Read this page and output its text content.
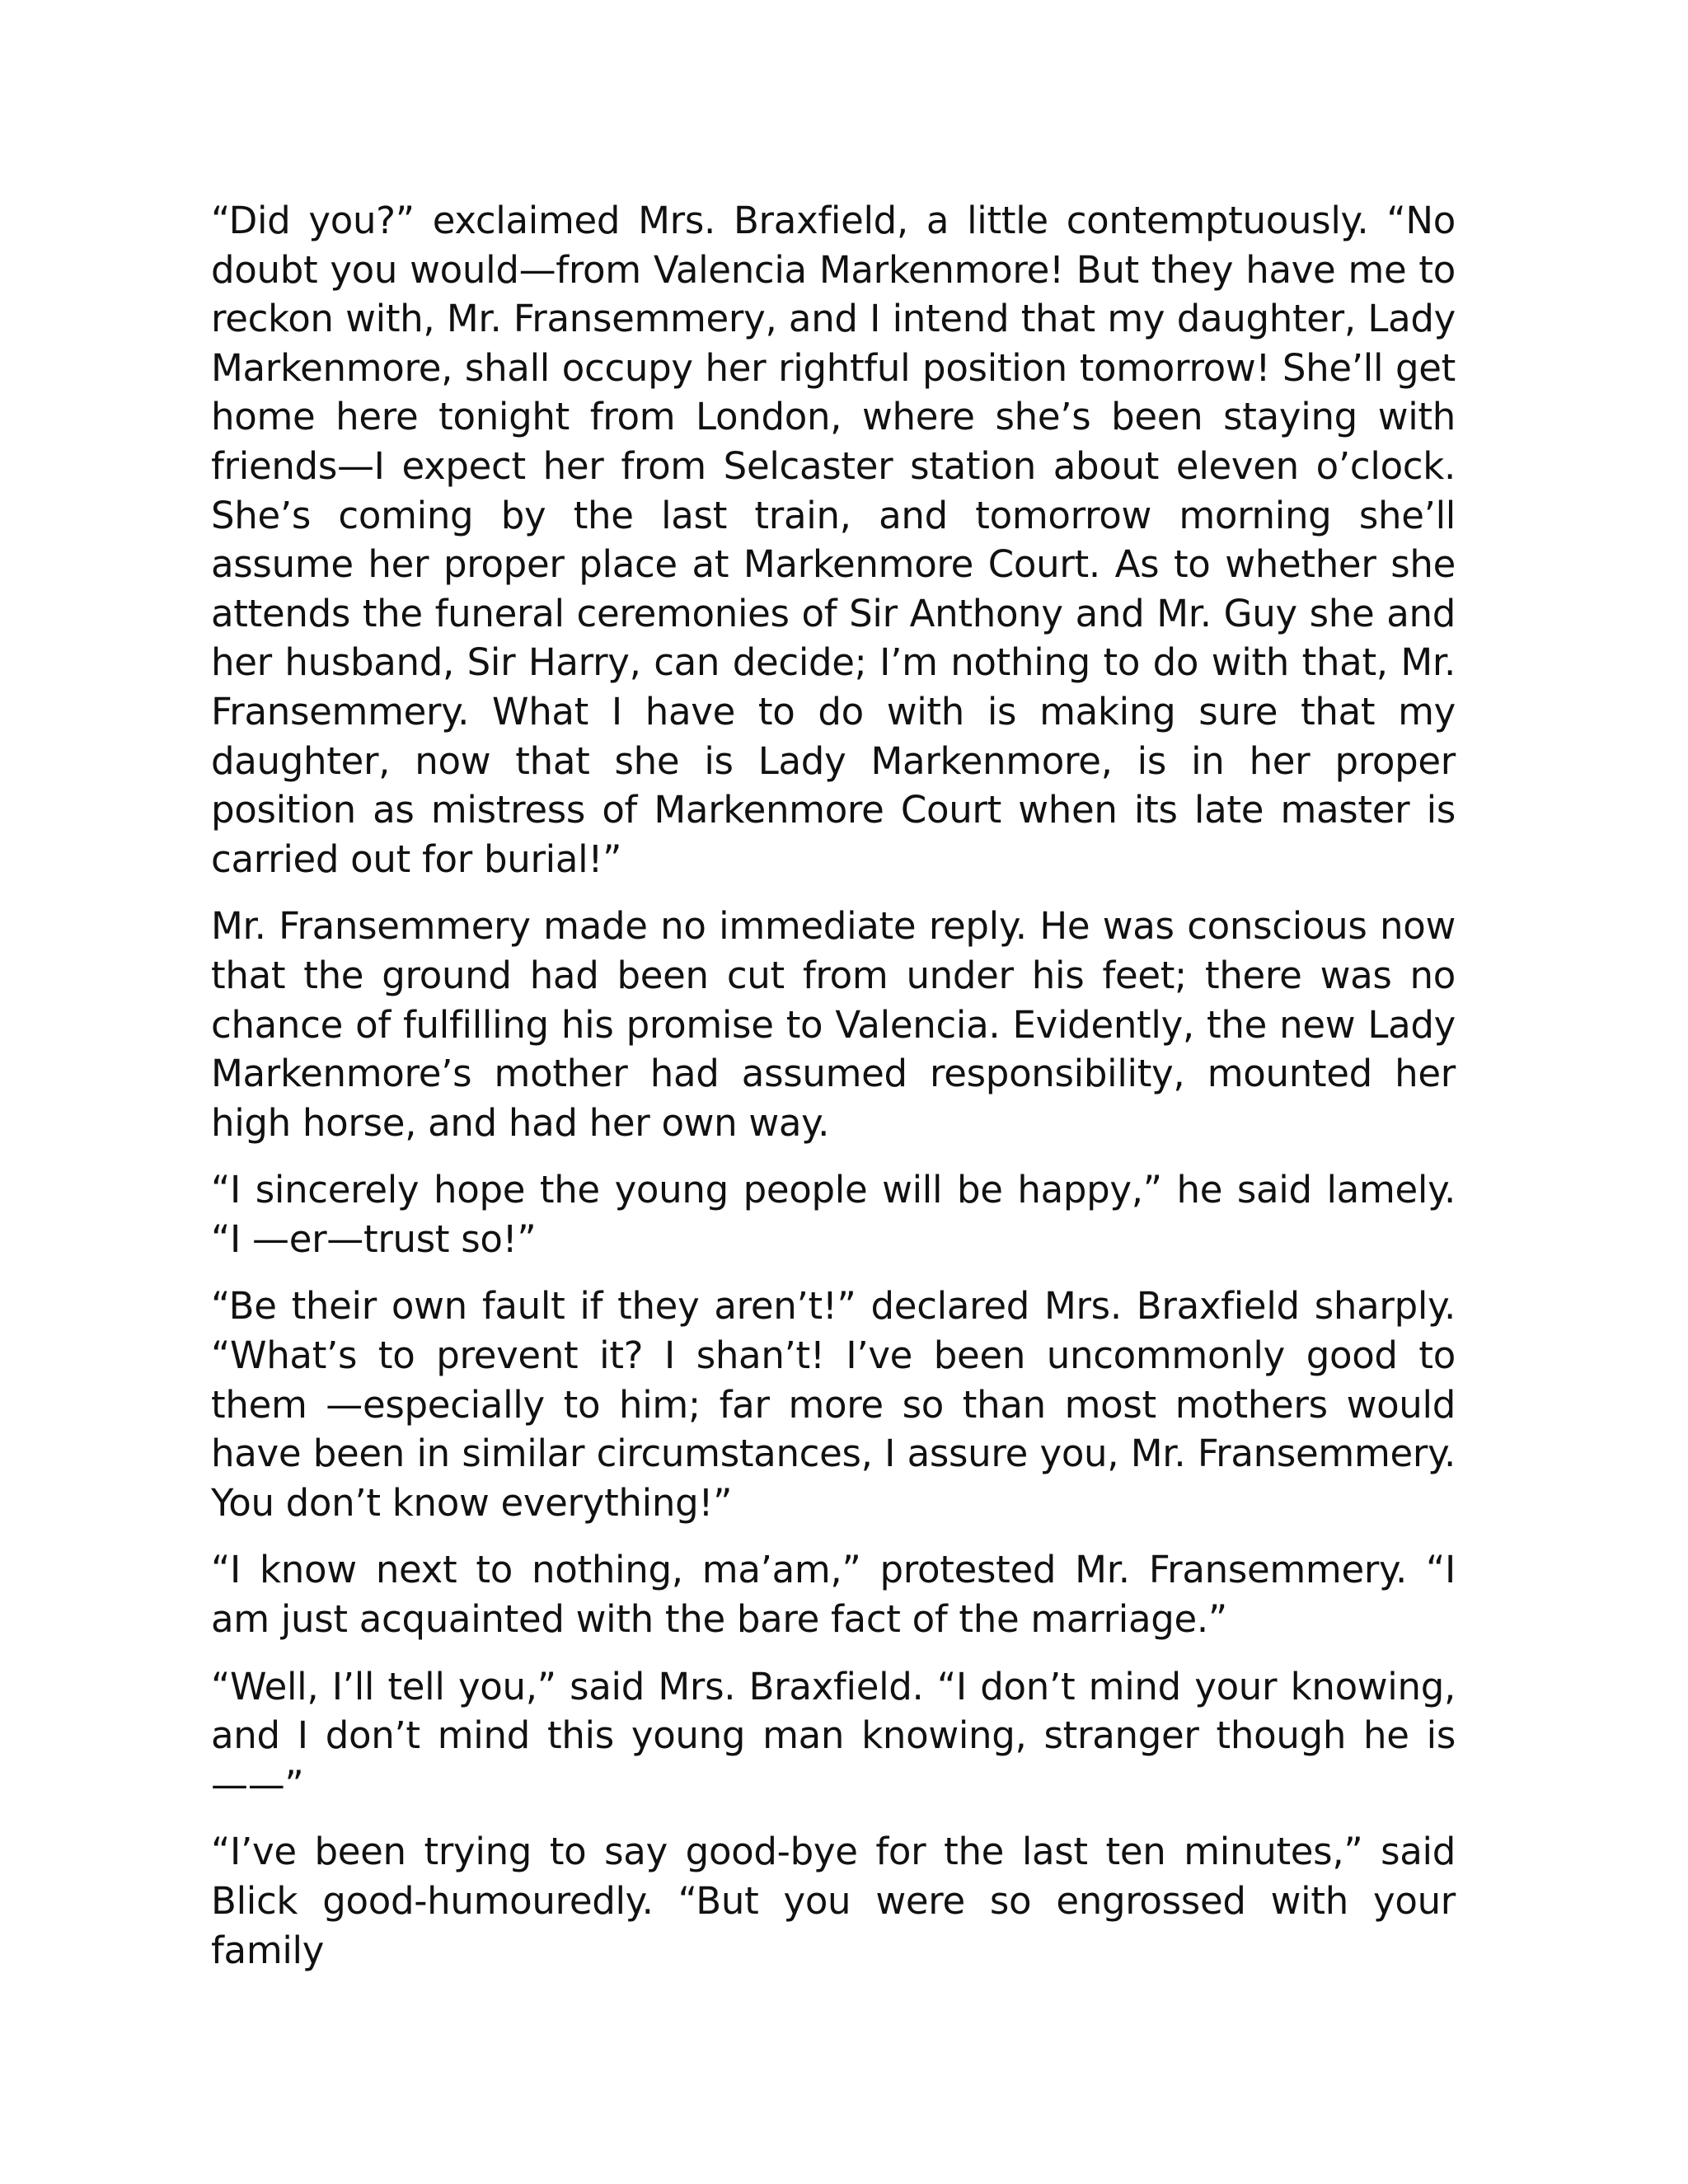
“Did you?” exclaimed Mrs. Braxfield, a little contemptuously. “No doubt you would—from Valencia Markenmore! But they have me to reckon with, Mr. Fransemmery, and I intend that my daughter, Lady Markenmore, shall occupy her rightful position tomorrow! She’ll get home here tonight from London, where she’s been staying with friends—I expect her from Selcaster station about eleven o’clock. She’s coming by the last train, and tomorrow morning she’ll assume her proper place at Markenmore Court. As to whether she attends the funeral ceremonies of Sir Anthony and Mr. Guy she and her husband, Sir Harry, can decide; I’m nothing to do with that, Mr. Fransemmery. What I have to do with is making sure that my daughter, now that she is Lady Markenmore, is in her proper position as mistress of Markenmore Court when its late master is carried out for burial!”

Mr. Fransemmery made no immediate reply. He was conscious now that the ground had been cut from under his feet; there was no chance of fulfilling his promise to Valencia. Evidently, the new Lady Markenmore’s mother had assumed responsibility, mounted her high horse, and had her own way.

“I sincerely hope the young people will be happy,” he said lamely. “I —er—trust so!”

“Be their own fault if they aren’t!” declared Mrs. Braxfield sharply. “What’s to prevent it? I shan’t! I’ve been uncommonly good to them —especially to him; far more so than most mothers would have been in similar circumstances, I assure you, Mr. Fransemmery. You don’t know everything!”

“I know next to nothing, ma’am,” protested Mr. Fransemmery. “I am just acquainted with the bare fact of the marriage.”

“Well, I’ll tell you,” said Mrs. Braxfield. “I don’t mind your knowing, and I don’t mind this young man knowing, stranger though he is ——”

“I’ve been trying to say good-bye for the last ten minutes,” said Blick good-humouredly. “But you were so engrossed with your family
